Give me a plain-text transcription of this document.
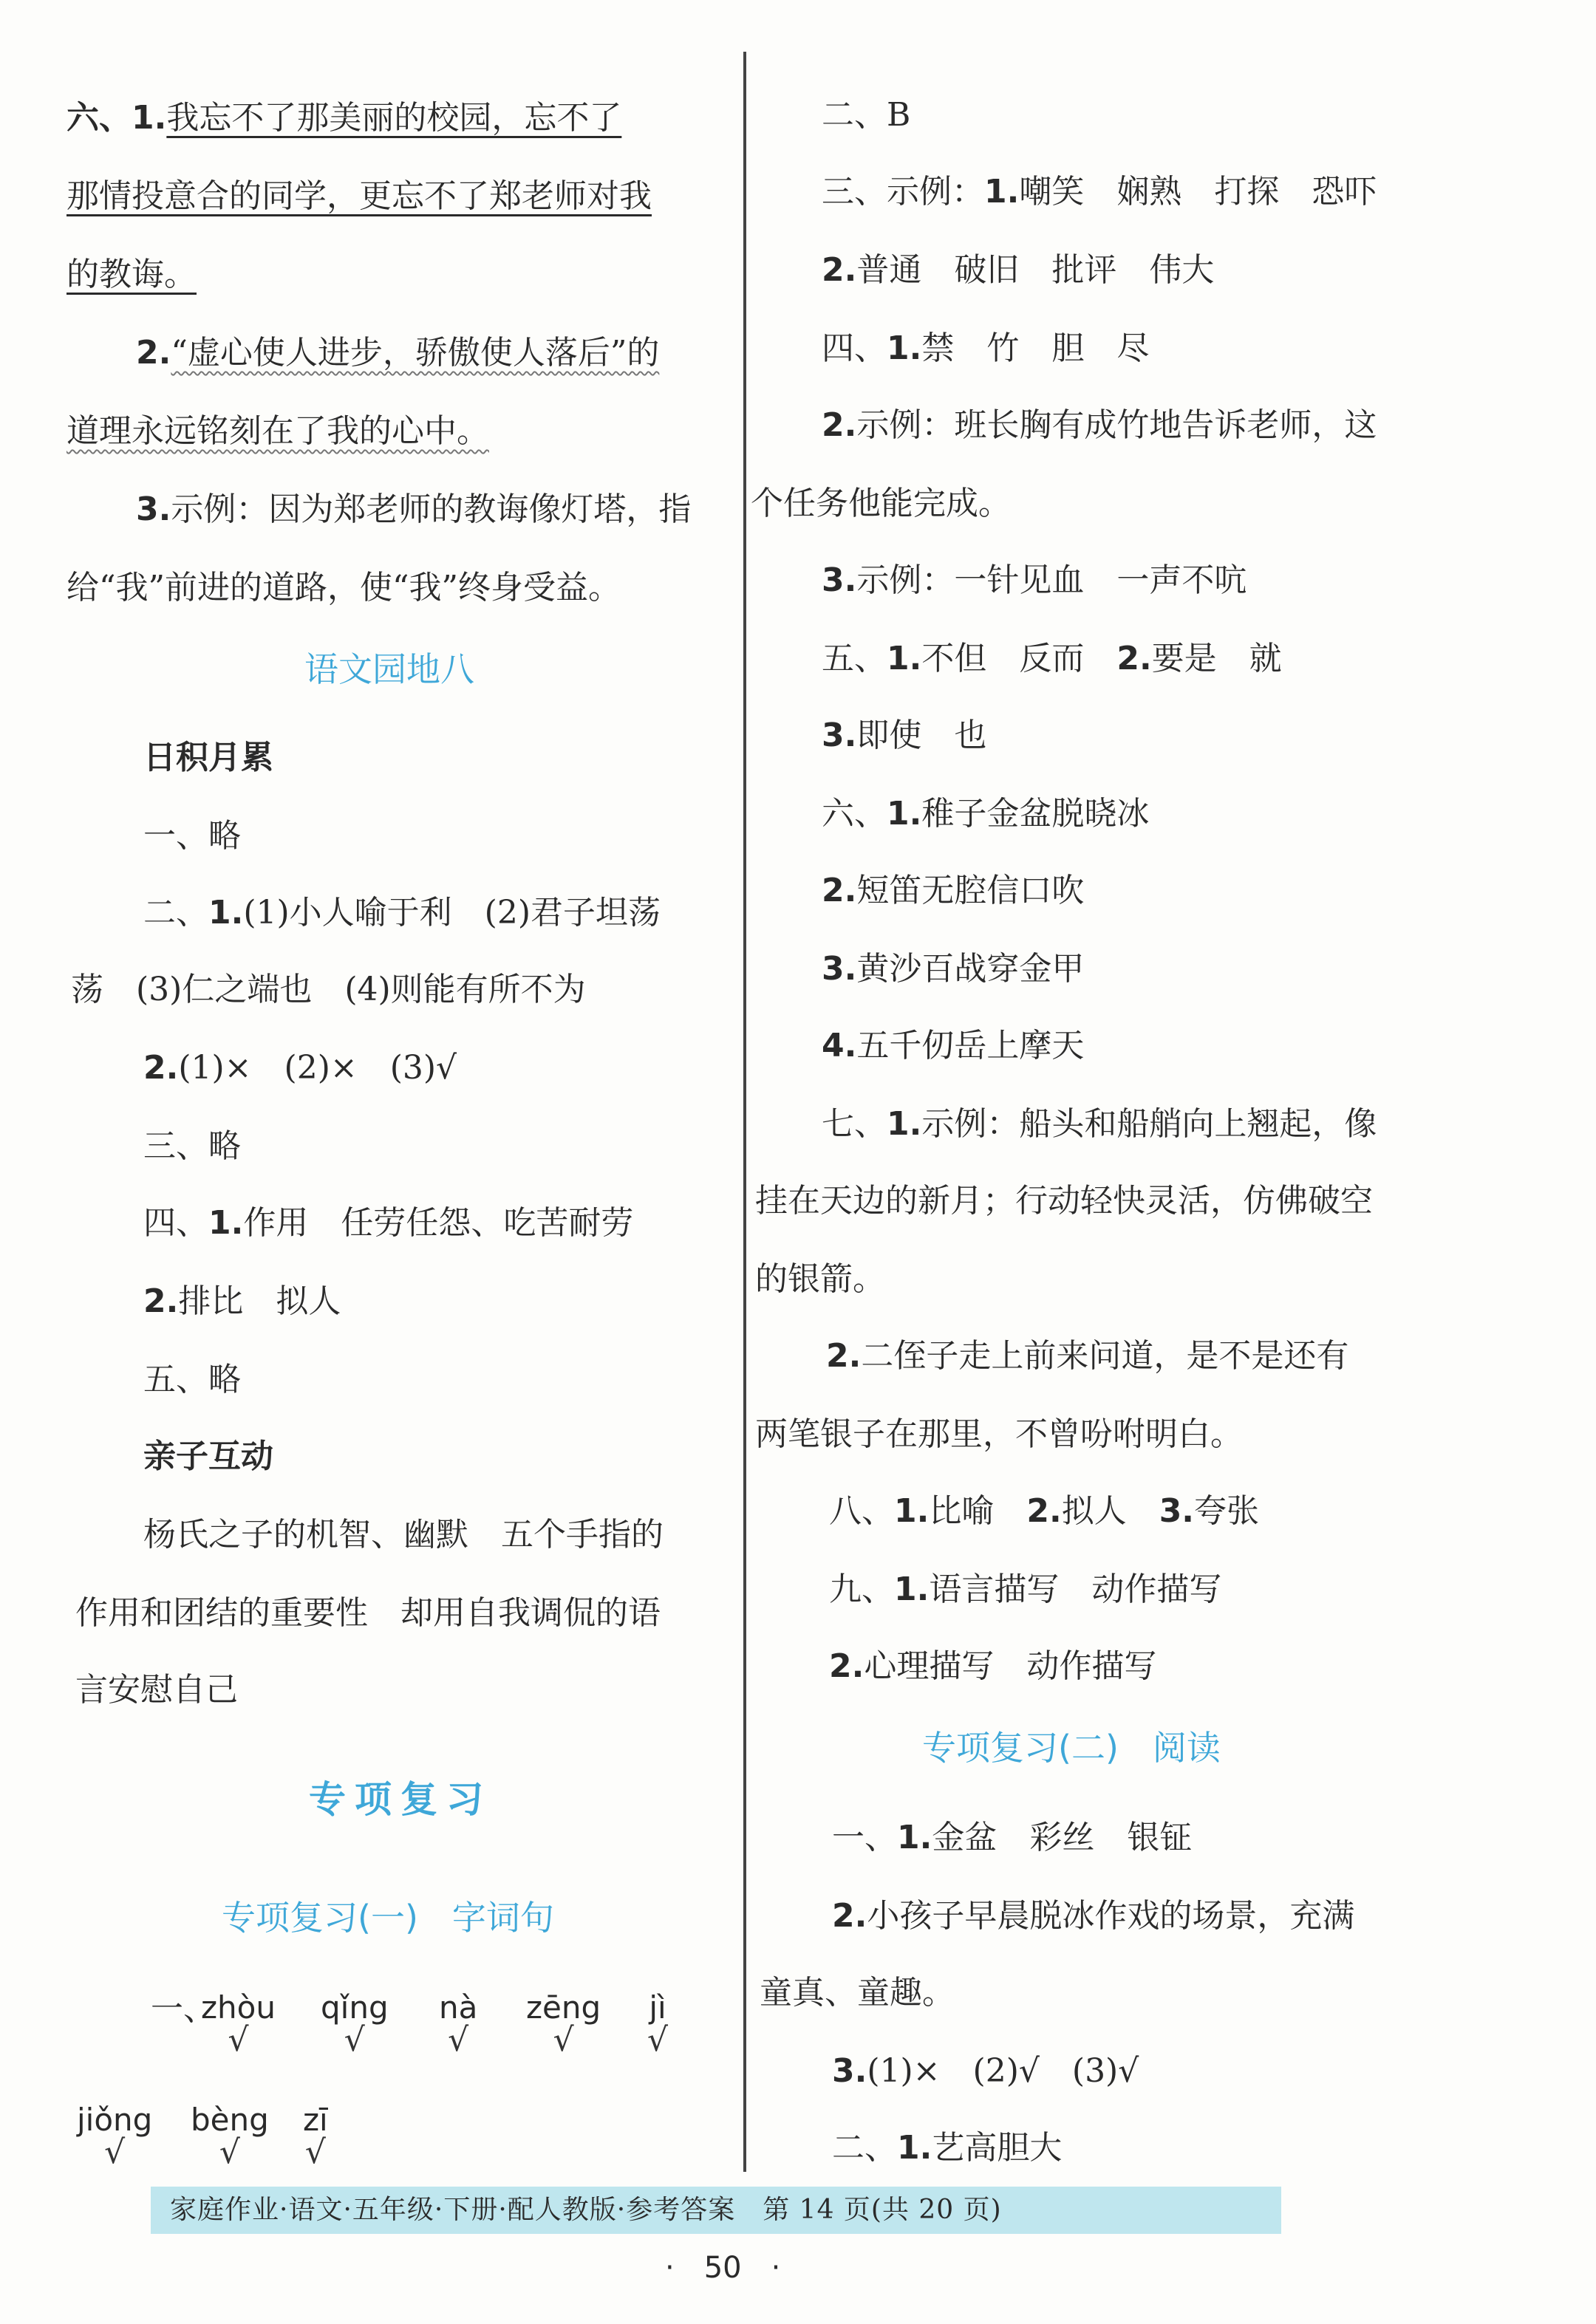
六、1.我忘不了那美丽的校园，忘不了
那情投意合的同学，更忘不了郑老师对我
的教诲。
2.“虚心使人进步，骄傲使人落后”的
道理永远铭刻在了我的心中。
3.示例：因为郑老师的教诲像灯塔，指
给“我”前进的道路，使“我”终身受益。
语文园地八
日积月累
一、略
二、1.(1)小人喻于利　(2)君子坦荡
荡　(3)仁之端也　(4)则能有所不为
2.(1)×　(2)×　(3)√
三、略
四、1.作用　任劳任怨、吃苦耐劳
2.排比　拟人
五、略
亲子互动
杨氏之子的机智、幽默　五个手指的
作用和团结的重要性　却用自我调侃的语
言安慰自己
专项复习
专项复习(一)　字词句
一、
zhòu
√
qǐng
√
nà
√
zēng
√
jì
√
jiǒng
√
bèng
√
zī
√
二、B
三、示例：1.嘲笑　娴熟　打探　恐吓
2.普通　破旧　批评　伟大
四、1.禁　竹　胆　尽
2.示例：班长胸有成竹地告诉老师，这
个任务他能完成。
3.示例：一针见血　一声不吭
五、1.不但　反而　2.要是　就
3.即使　也
六、1.稚子金盆脱晓冰
2.短笛无腔信口吹
3.黄沙百战穿金甲
4.五千仞岳上摩天
七、1.示例：船头和船艄向上翘起，像
挂在天边的新月；行动轻快灵活，仿佛破空
的银箭。
2.二侄子走上前来问道，是不是还有
两笔银子在那里，不曾吩咐明白。
八、1.比喻　2.拟人　3.夸张
九、1.语言描写　动作描写
2.心理描写　动作描写
专项复习(二)　阅读
一、1.金盆　彩丝　银钲
2.小孩子早晨脱冰作戏的场景，充满
童真、童趣。
3.(1)×　(2)√　(3)√
二、1.艺高胆大
家庭作业·语文·五年级·下册·配人教版·参考答案　第 14 页(共 20 页)
·　50　·
